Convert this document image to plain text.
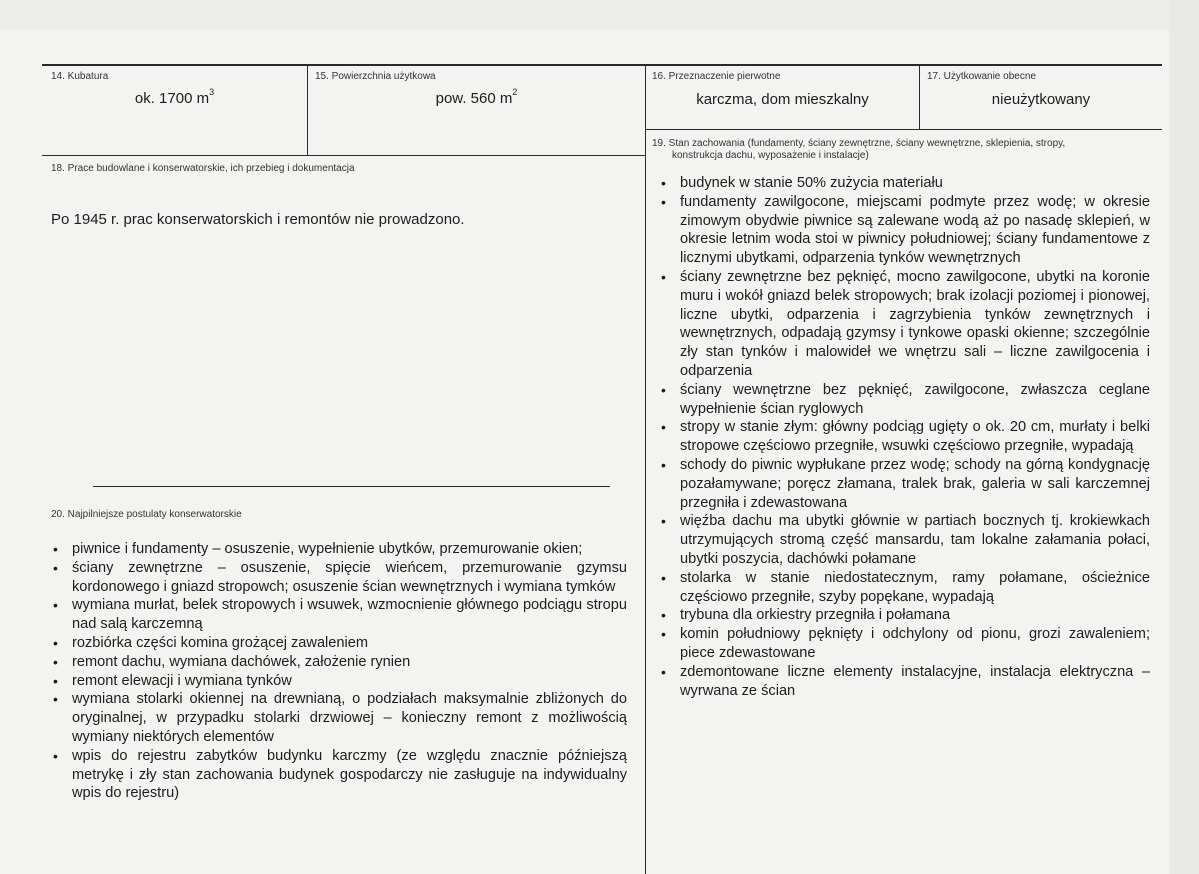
14. Kubatura
ok. 1700 $m^3$
15. Powierzchnia użytkowa
pow. 560 $m^2$
16. Przeznaczenie pierwotne
karczma, dom mieszkalny
17. Użytkowanie obecne
nieużytkowany
18. Prace budowlane i konserwatorskie, ich przebieg i dokumentacja
Po 1945 r. prac konserwatorskich i remontów nie prowadzono.
20. Najpilniejsze postulaty konserwatorskie
• piwnice i fundamenty – osuszenie, wypełnienie ubytków, przemurowanie okien;
• ściany zewnętrzne – osuszenie, spięcie wieńcem, przemurowanie gzymsu kordonowego i gniazd stropowch; osuszenie ścian wewnętrznych i wymiana tymków
• wymiana murłat, belek stropowych i wsuwek, wzmocnienie głównego podciągu stropu nad salą karczemną
• rozbiórka części komina grożącej zawaleniem
• remont dachu, wymiana dachówek, założenie rynien
• remont elewacji i wymiana tynków
• wymiana stolarki okiennej na drewnianą, o podziałach maksymalnie zbliżonych do oryginalnej, w przypadku stolarki drzwiowej – konieczny remont z możliwością wymiany niektórych elementów
• wpis do rejestru zabytków budynku karczmy (ze względu znacznie późniejszą metrykę i zły stan zachowania budynek gospodarczy nie zasługuje na indywidualny wpis do rejestru)
19. Stan zachowania (fundamenty, ściany zewnętrzne, ściany wewnętrzne, sklepienia, stropy,
konstrukcja dachu, wyposażenie i instalacje)
• budynek w stanie 50% zużycia materiału
• fundamenty zawilgocone, miejscami podmyte przez wodę; w okresie zimowym obydwie piwnice są zalewane wodą aż po nasadę sklepień, w okresie letnim woda stoi w piwnicy południowej; ściany fundamentowe z licznymi ubytkami, odparzenia tynków wewnętrznych
• ściany zewnętrzne bez pęknięć, mocno zawilgocone, ubytki na koronie muru i wokół gniazd belek stropowych; brak izolacji poziomej i pionowej, liczne ubytki, odparzenia i zagrzybienia tynków zewnętrznych i wewnętrznych, odpadają gzymsy i tynkowe opaski okienne; szczególnie zły stan tynków i malowideł we wnętrzu sali – liczne zawilgocenia i odparzenia
• ściany wewnętrzne bez pęknięć, zawilgocone, zwłaszcza ceglane wypełnienie ścian ryglowych
• stropy w stanie złym: główny podciąg ugięty o ok. 20 cm, murłaty i belki stropowe częściowo przegniłe, wsuwki częściowo przegniłe, wypadają
• schody do piwnic wypłukane przez wodę; schody na górną kondygnację pozałamywane; poręcz złamana, tralek brak, galeria w sali karczemnej przegniła i zdewastowana
• więźba dachu ma ubytki głównie w partiach bocznych tj. krokiewkach utrzymujących stromą część mansardu, tam lokalne załamania połaci, ubytki poszycia, dachówki połamane
• stolarka w stanie niedostatecznym, ramy połamane, ościeżnice częściowo przegniłe, szyby popękane, wypadają
• trybuna dla orkiestry przegniła i połamana
• komin południowy pęknięty i odchylony od pionu, grozi zawaleniem; piece zdewastowane
• zdemontowane liczne elementy instalacyjne, instalacja elektryczna – wyrwana ze ścian
